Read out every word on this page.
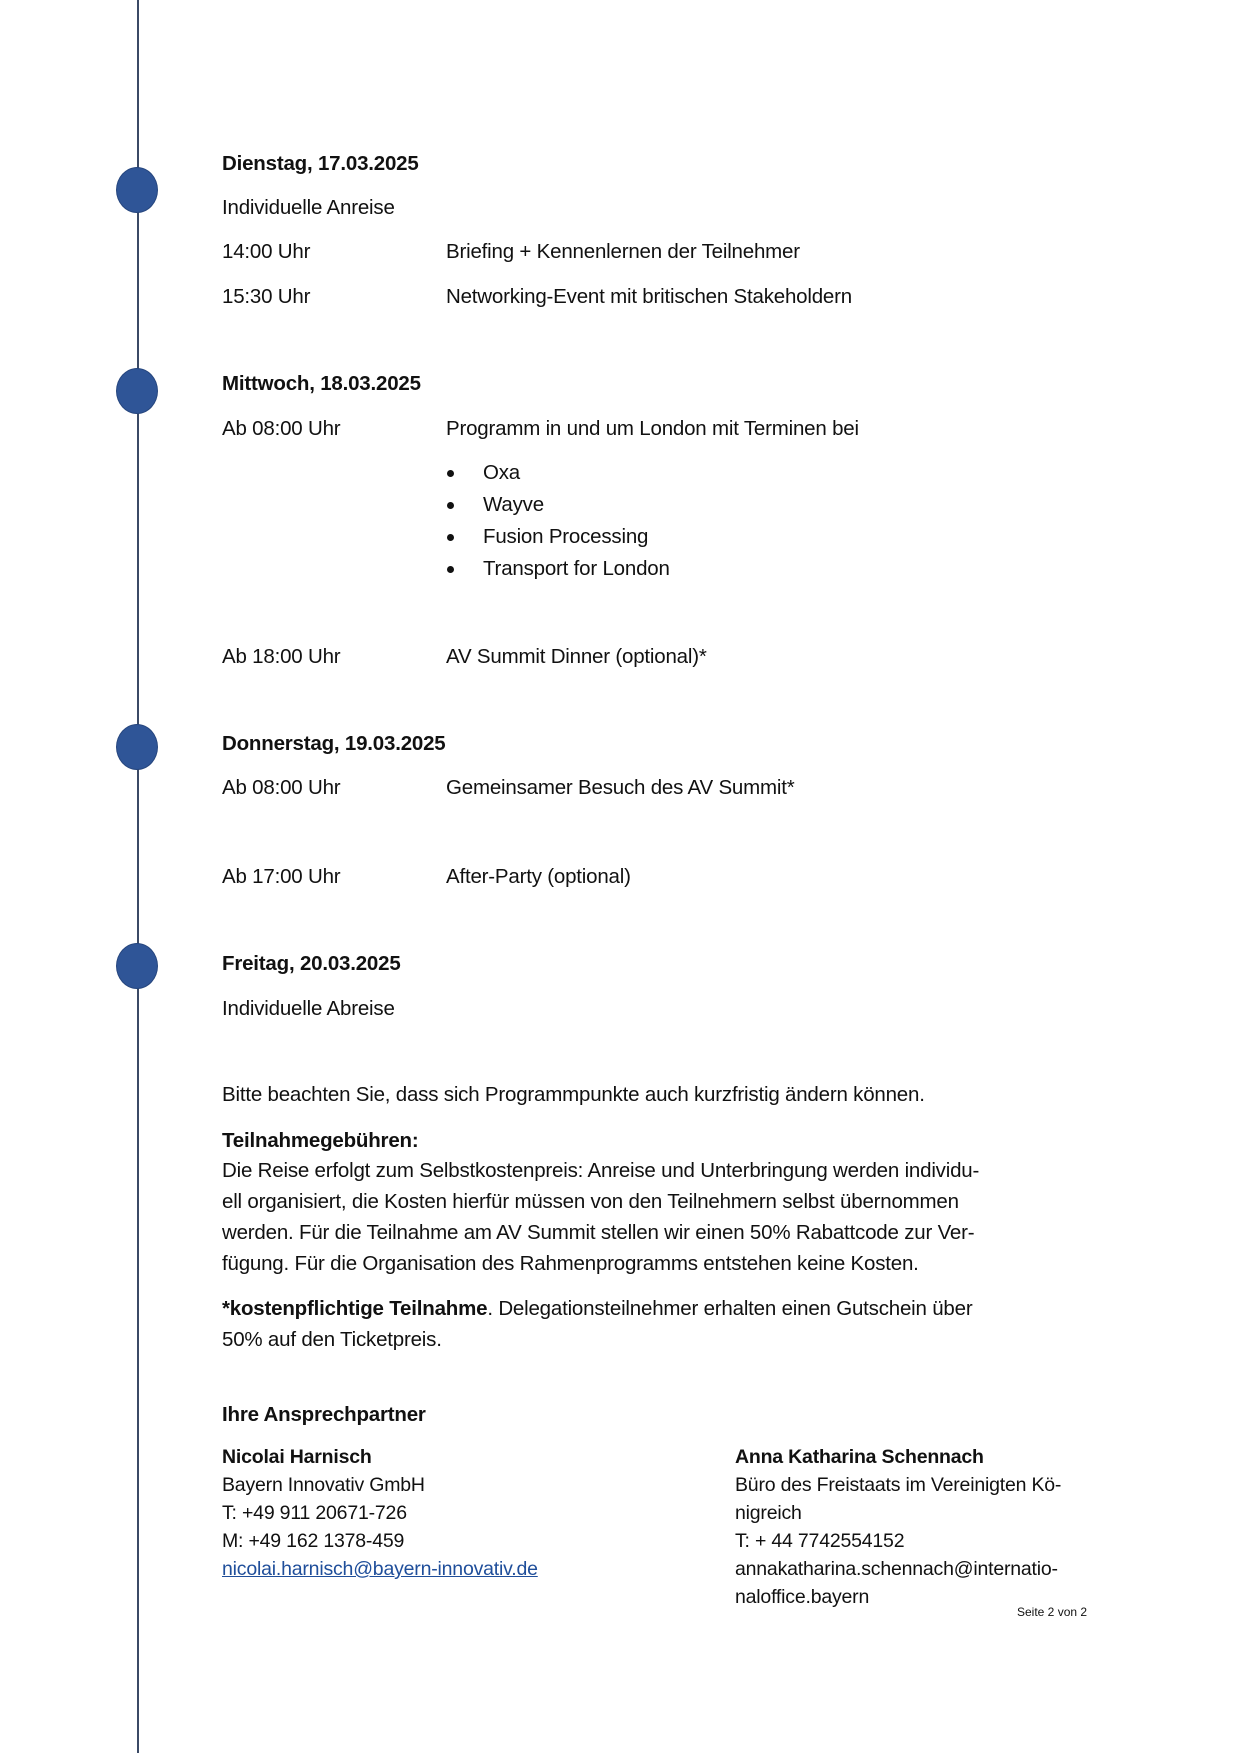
Dienstag, 17.03.2025
Individuelle Anreise
14:00 Uhr	Briefing + Kennenlernen der Teilnehmer
15:30 Uhr	Networking-Event mit britischen Stakeholdern
Mittwoch, 18.03.2025
Ab 08:00 Uhr	Programm in und um London mit Terminen bei
Oxa
Wayve
Fusion Processing
Transport for London
Ab 18:00 Uhr	AV Summit Dinner (optional)*
Donnerstag, 19.03.2025
Ab 08:00 Uhr	Gemeinsamer Besuch des AV Summit*
Ab 17:00 Uhr	After-Party (optional)
Freitag, 20.03.2025
Individuelle Abreise
Bitte beachten Sie, dass sich Programmpunkte auch kurzfristig ändern können.
Teilnahmegebühren:
Die Reise erfolgt zum Selbstkostenpreis: Anreise und Unterbringung werden individu-
ell organisiert, die Kosten hierfür müssen von den Teilnehmern selbst übernommen
werden. Für die Teilnahme am AV Summit stellen wir einen 50% Rabattcode zur Ver-
fügung. Für die Organisation des Rahmenprogramms entstehen keine Kosten.
*kostenpflichtige Teilnahme. Delegationsteilnehmer erhalten einen Gutschein über
50% auf den Ticketpreis.
Ihre Ansprechpartner
Nicolai Harnisch
Bayern Innovativ GmbH
T: +49 911 20671-726
M: +49 162 1378-459
nicolai.harnisch@bayern-innovativ.de
Anna Katharina Schennach
Büro des Freistaats im Vereinigten Kö-
nigreich
T: + 44 7742554152
annakatharina.schennach@internatio-
naloffice.bayern
Seite 2 von 2
